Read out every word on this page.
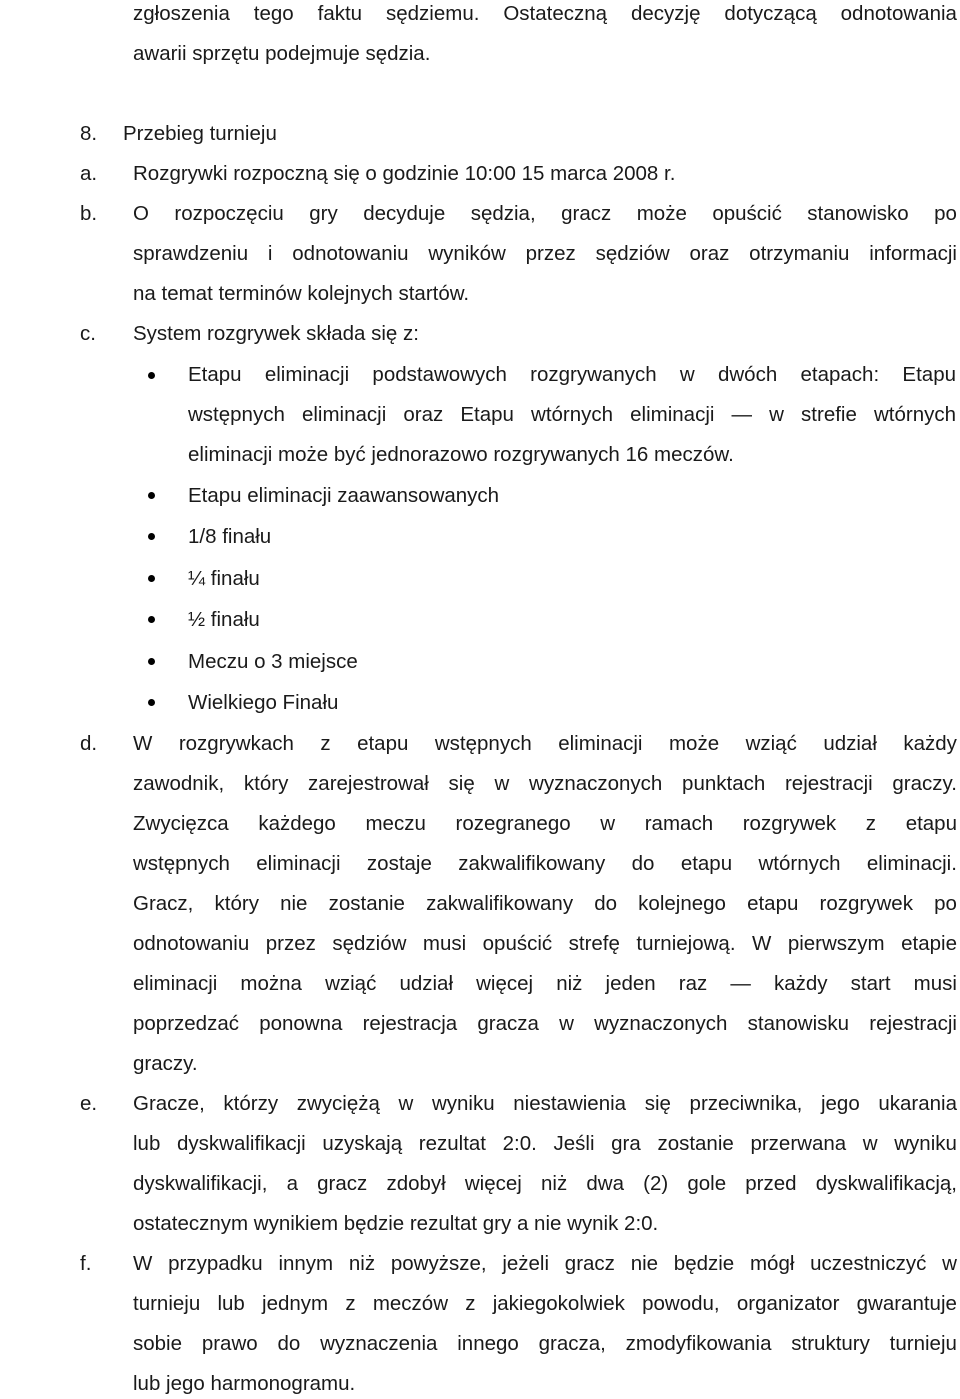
zgłoszenia tego faktu sędziemu. Ostateczną decyzję dotyczącą odnotowania
awarii sprzętu podejmuje sędzia.
8. Przebieg turnieju
a. Rozgrywki rozpoczną się o godzinie 10:00 15 marca 2008 r.
b. O rozpoczęciu gry decyduje sędzia, gracz może opuścić stanowisko po
sprawdzeniu i odnotowaniu wyników przez sędziów oraz otrzymaniu informacji
na temat terminów kolejnych startów.
c. System rozgrywek składa się z:
Etapu eliminacji podstawowych rozgrywanych w dwóch etapach: Etapu
wstępnych eliminacji oraz Etapu wtórnych eliminacji — w strefie wtórnych
eliminacji może być jednorazowo rozgrywanych 16 meczów.
Etapu eliminacji zaawansowanych
1/8 finału
¼ finału
½ finału
Meczu o 3 miejsce
Wielkiego Finału
d. W rozgrywkach z etapu wstępnych eliminacji może wziąć udział każdy
zawodnik, który zarejestrował się w wyznaczonych punktach rejestracji graczy.
Zwycięzca każdego meczu rozegranego w ramach rozgrywek z etapu
wstępnych eliminacji zostaje zakwalifikowany do etapu wtórnych eliminacji.
Gracz, który nie zostanie zakwalifikowany do kolejnego etapu rozgrywek po
odnotowaniu przez sędziów musi opuścić strefę turniejową. W pierwszym etapie
eliminacji można wziąć udział więcej niż jeden raz — każdy start musi
poprzedzać ponowna rejestracja gracza w wyznaczonych stanowisku rejestracji
graczy.
e. Gracze, którzy zwyciężą w wyniku niestawienia się przeciwnika, jego ukarania
lub dyskwalifikacji uzyskają rezultat 2:0. Jeśli gra zostanie przerwana w wyniku
dyskwalifikacji, a gracz zdobył więcej niż dwa (2) gole przed dyskwalifikacją,
ostatecznym wynikiem będzie rezultat gry a nie wynik 2:0.
f. W przypadku innym niż powyższe, jeżeli gracz nie będzie mógł uczestniczyć w
turnieju lub jednym z meczów z jakiegokolwiek powodu, organizator gwarantuje
sobie prawo do wyznaczenia innego gracza, zmodyfikowania struktury turnieju
lub jego harmonogramu.
